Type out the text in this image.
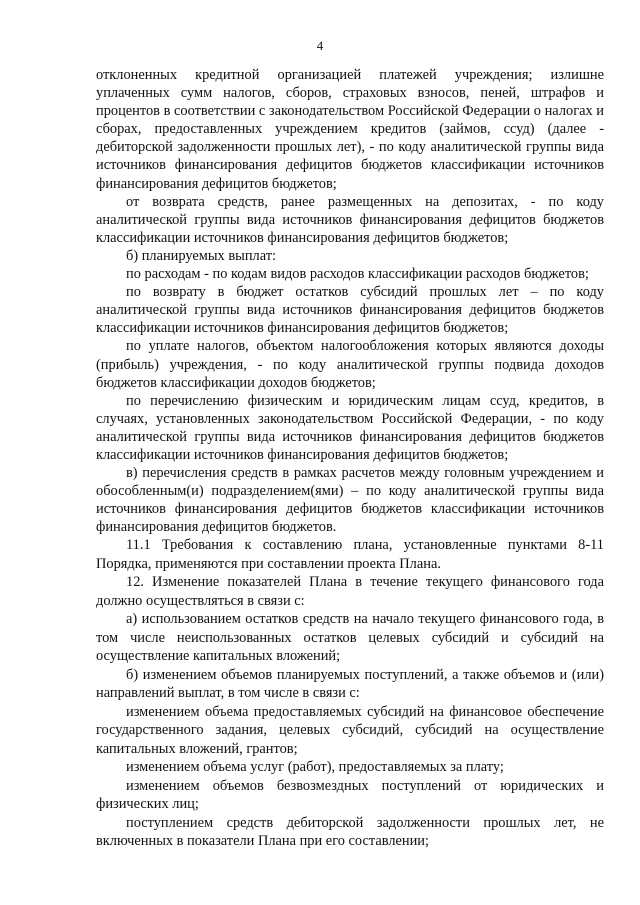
4

отклоненных кредитной организацией платежей учреждения; излишне уплаченных сумм налогов, сборов, страховых взносов, пеней, штрафов и процентов в соответствии с законодательством Российской Федерации о налогах и сборах, предоставленных учреждением кредитов (займов, ссуд) (далее - дебиторской задолженности прошлых лет), - по коду аналитической группы вида источников финансирования дефицитов бюджетов классификации источников финансирования дефицитов бюджетов;

от возврата средств, ранее размещенных на депозитах, - по коду аналитической группы вида источников финансирования дефицитов бюджетов классификации источников финансирования дефицитов бюджетов;

б) планируемых выплат:

по расходам - по кодам видов расходов классификации расходов бюджетов;

по возврату в бюджет остатков субсидий прошлых лет – по коду аналитической группы вида источников финансирования дефицитов бюджетов классификации источников финансирования дефицитов бюджетов;

по уплате налогов, объектом налогообложения которых являются доходы (прибыль) учреждения, - по коду аналитической группы подвида доходов бюджетов классификации доходов бюджетов;

по перечислению физическим и юридическим лицам ссуд, кредитов, в случаях, установленных законодательством Российской Федерации, - по коду аналитической группы вида источников финансирования дефицитов бюджетов классификации источников финансирования дефицитов бюджетов;

в) перечисления средств в рамках расчетов между головным учреждением и обособленным(и) подразделением(ями) – по коду аналитической группы вида источников финансирования дефицитов бюджетов классификации источников финансирования дефицитов бюджетов.

11.1 Требования к составлению плана, установленные пунктами 8-11 Порядка, применяются при составлении проекта Плана.

12. Изменение показателей Плана в течение текущего финансового года должно осуществляться в связи с:

а) использованием остатков средств на начало текущего финансового года, в том числе неиспользованных остатков целевых субсидий и субсидий на осуществление капитальных вложений;

б) изменением объемов планируемых поступлений, а также объемов и (или) направлений выплат, в том числе в связи с:

изменением объема предоставляемых субсидий на финансовое обеспечение государственного задания, целевых субсидий, субсидий на осуществление капитальных вложений, грантов;

изменением объема услуг (работ), предоставляемых за плату;

изменением объемов безвозмездных поступлений от юридических и физических лиц;

поступлением средств дебиторской задолженности прошлых лет, не включенных в показатели Плана при его составлении;
